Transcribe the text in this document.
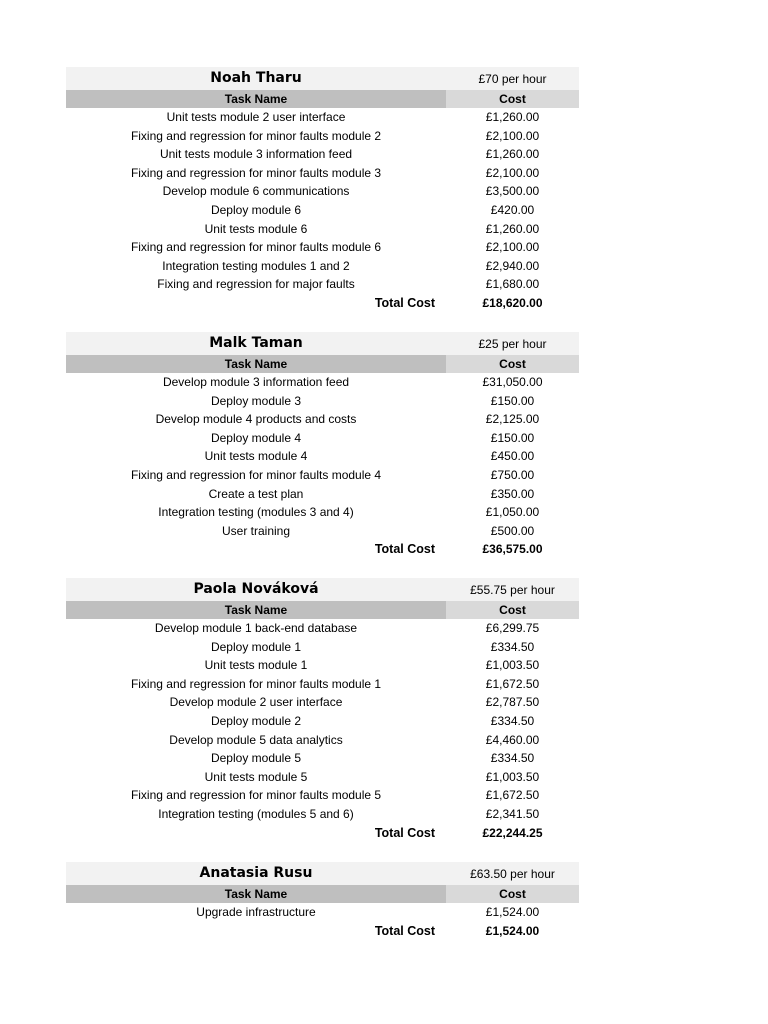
Noah Tharu	£70 per hour
Task Name	Cost
Unit tests module 2 user interface	£1,260.00
Fixing and regression for minor faults module 2	£2,100.00
Unit tests module 3 information feed	£1,260.00
Fixing and regression for minor faults module 3	£2,100.00
Develop module 6 communications	£3,500.00
Deploy module 6	£420.00
Unit tests module 6	£1,260.00
Fixing and regression for minor faults module 6	£2,100.00
Integration testing modules 1 and 2	£2,940.00
Fixing and regression for major faults	£1,680.00
Total Cost	£18,620.00
Malk Taman	£25 per hour
Task Name	Cost
Develop module 3 information feed	£31,050.00
Deploy module 3	£150.00
Develop module 4 products and costs	£2,125.00
Deploy module 4	£150.00
Unit tests module 4	£450.00
Fixing and regression for minor faults module 4	£750.00
Create a test plan	£350.00
Integration testing (modules 3 and 4)	£1,050.00
User training	£500.00
Total Cost	£36,575.00
Paola Nováková	£55.75 per hour
Task Name	Cost
Develop module 1 back-end database	£6,299.75
Deploy module 1	£334.50
Unit tests module 1	£1,003.50
Fixing and regression for minor faults module 1	£1,672.50
Develop module 2 user interface	£2,787.50
Deploy module 2	£334.50
Develop module 5 data analytics	£4,460.00
Deploy module 5	£334.50
Unit tests module 5	£1,003.50
Fixing and regression for minor faults module 5	£1,672.50
Integration testing (modules 5 and 6)	£2,341.50
Total Cost	£22,244.25
Anatasia Rusu	£63.50 per hour
Task Name	Cost
Upgrade infrastructure	£1,524.00
Total Cost	£1,524.00
